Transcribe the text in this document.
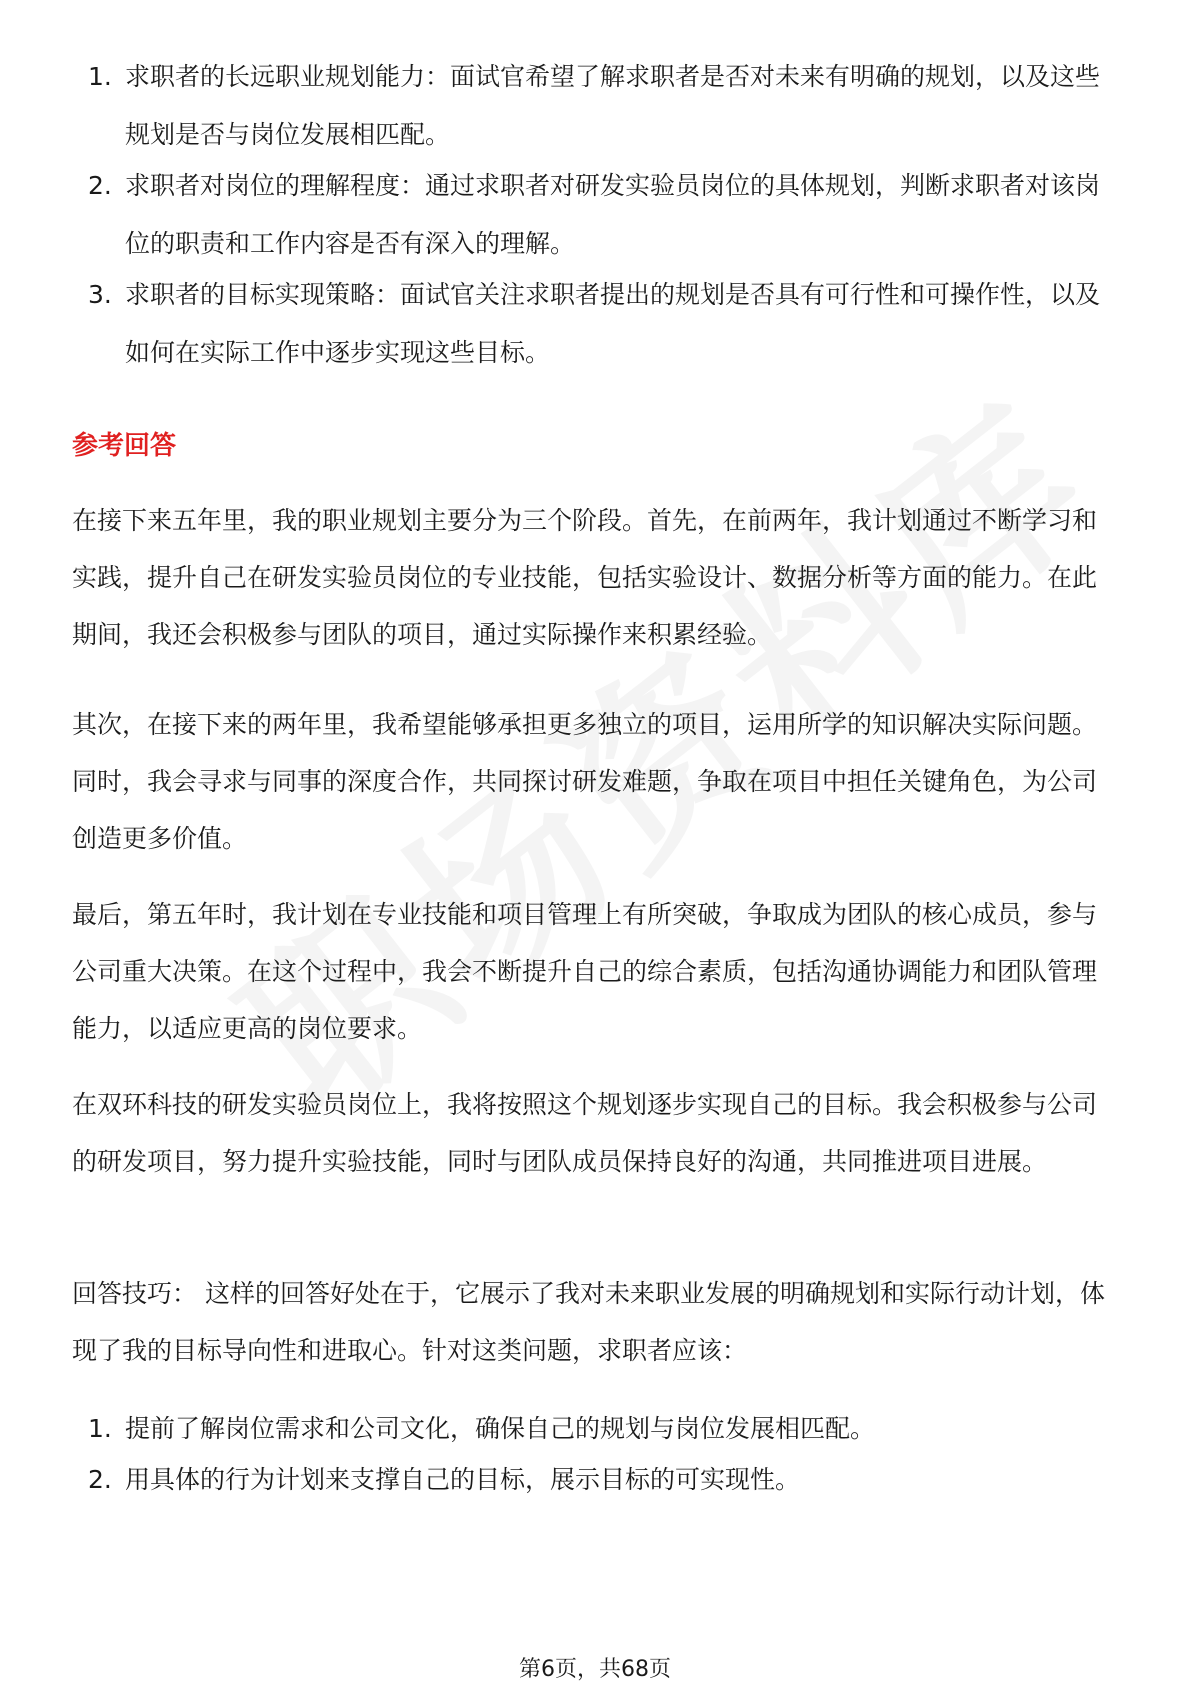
1. 求职者的长远职业规划能力：面试官希望了解求职者是否对未来有明确的规划，以及这些规划是否与岗位发展相匹配。
2. 求职者对岗位的理解程度：通过求职者对研发实验员岗位的具体规划，判断求职者对该岗位的职责和工作内容是否有深入的理解。
3. 求职者的目标实现策略：面试官关注求职者提出的规划是否具有可行性和可操作性，以及如何在实际工作中逐步实现这些目标。
参考回答

在接下来五年里，我的职业规划主要分为三个阶段。首先，在前两年，我计划通过不断学习和实践，提升自己在研发实验员岗位的专业技能，包括实验设计、数据分析等方面的能力。在此期间，我还会积极参与团队的项目，通过实际操作来积累经验。

其次，在接下来的两年里，我希望能够承担更多独立的项目，运用所学的知识解决实际问题。同时，我会寻求与同事的深度合作，共同探讨研发难题，争取在项目中担任关键角色，为公司创造更多价值。

最后，第五年时，我计划在专业技能和项目管理上有所突破，争取成为团队的核心成员，参与公司重大决策。在这个过程中，我会不断提升自己的综合素质，包括沟通协调能力和团队管理能力，以适应更高的岗位要求。

在双环科技的研发实验员岗位上，我将按照这个规划逐步实现自己的目标。我会积极参与公司的研发项目，努力提升实验技能，同时与团队成员保持良好的沟通，共同推进项目进展。

回答技巧： 这样的回答好处在于，它展示了我对未来职业发展的明确规划和实际行动计划，体现了我的目标导向性和进取心。针对这类问题，求职者应该：

1. 提前了解岗位需求和公司文化，确保自己的规划与岗位发展相匹配。
2. 用具体的行为计划来支撑自己的目标，展示目标的可实现性。
第6页，共68页
